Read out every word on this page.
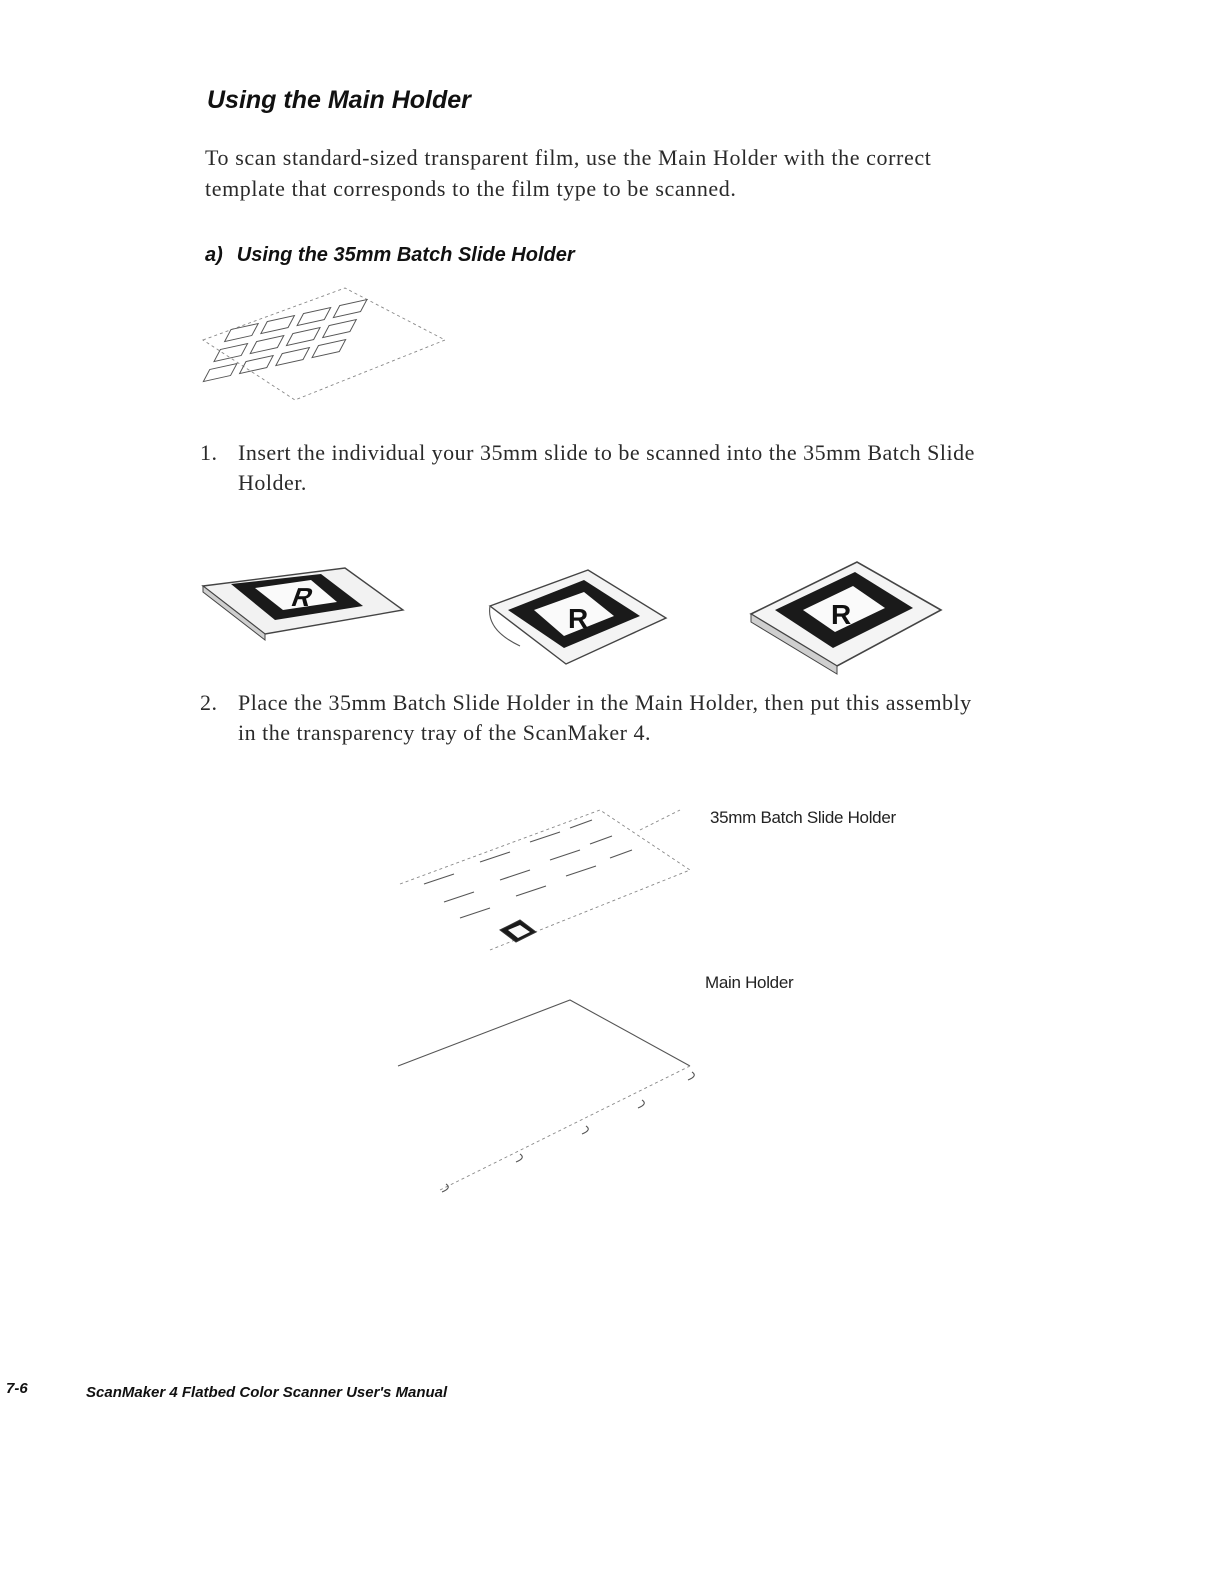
Using the Main Holder

To scan standard-sized transparent film, use the Main Holder with the correct template that corresponds to the film type to be scanned.

a) Using the 35mm Batch Slide Holder
1. Insert the individual your 35mm slide to be scanned into the 35mm Batch Slide Holder.
R
R	R
2. Place the 35mm Batch Slide Holder in the Main Holder, then put this assembly in the transparency tray of the ScanMaker 4.
35mm Batch Slide Holder
Main Holder
7-6	ScanMaker 4 Flatbed Color Scanner User's Manual
